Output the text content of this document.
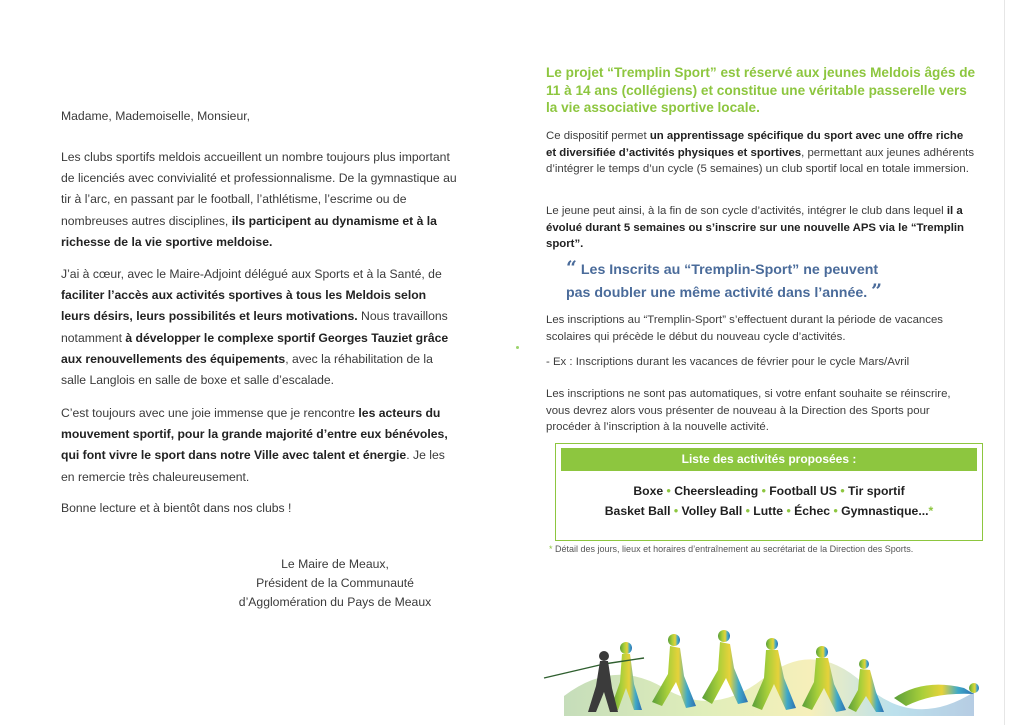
Madame, Mademoiselle, Monsieur,

Les clubs sportifs meldois accueillent un nombre toujours plus important de licenciés avec convivialité et professionnalisme. De la gymnastique au tir à l’arc, en passant par le football, l’athlétisme, l’escrime ou de nombreuses autres disciplines, ils participent au dynamisme et à la richesse de la vie sportive meldoise.

J’ai à cœur, avec le Maire-Adjoint délégué aux Sports et à la Santé, de faciliter l’accès aux activités sportives à tous les Meldois selon leurs désirs, leurs possibilités et leurs motivations. Nous travaillons notamment à développer le complexe sportif Georges Tauziet grâce aux renouvellements des équipements, avec la réhabilitation de la salle Langlois en salle de boxe et salle d’escalade.

C’est toujours avec une joie immense que je rencontre les acteurs du mouvement sportif, pour la grande majorité d’entre eux bénévoles, qui font vivre le sport dans notre Ville avec talent et énergie. Je les en remercie très chaleureusement.

Bonne lecture et à bientôt dans nos clubs !

Le Maire de Meaux,
Président de la Communauté
d’Agglomération du Pays de Meaux

Le projet “Tremplin Sport” est réservé aux jeunes Meldois âgés de 11 à 14 ans (collégiens) et constitue une véritable passerelle vers la vie associative sportive locale.

Ce dispositif permet un apprentissage spécifique du sport avec une offre riche et diversifiée d’activités physiques et sportives, permettant aux jeunes adhérents d’intégrer le temps d’un cycle (5 semaines) un club sportif local en totale immersion.

Le jeune peut ainsi, à la fin de son cycle d’activités, intégrer le club dans lequel il a évolué durant 5 semaines ou s’inscrire sur une nouvelle APS via le “Tremplin sport”.

“ Les Inscrits au “Tremplin-Sport” ne peuvent pas doubler une même activité dans l’année. ”

Les inscriptions au “Tremplin-Sport” s’effectuent durant la période de vacances scolaires qui précède le début du nouveau cycle d’activités.

- Ex : Inscriptions durant les vacances de février pour le cycle Mars/Avril

Les inscriptions ne sont pas automatiques, si votre enfant souhaite se réinscrire, vous devrez alors vous présenter de nouveau à la Direction des Sports pour procéder à l’inscription à la nouvelle activité.

Liste des activités proposées :
Boxe • Cheersleading • Football US • Tir sportif
Basket Ball • Volley Ball • Lutte • Échec • Gymnastique...*
* Détail des jours, lieux et horaires d’entraînement au secrétariat de la Direction des Sports.
